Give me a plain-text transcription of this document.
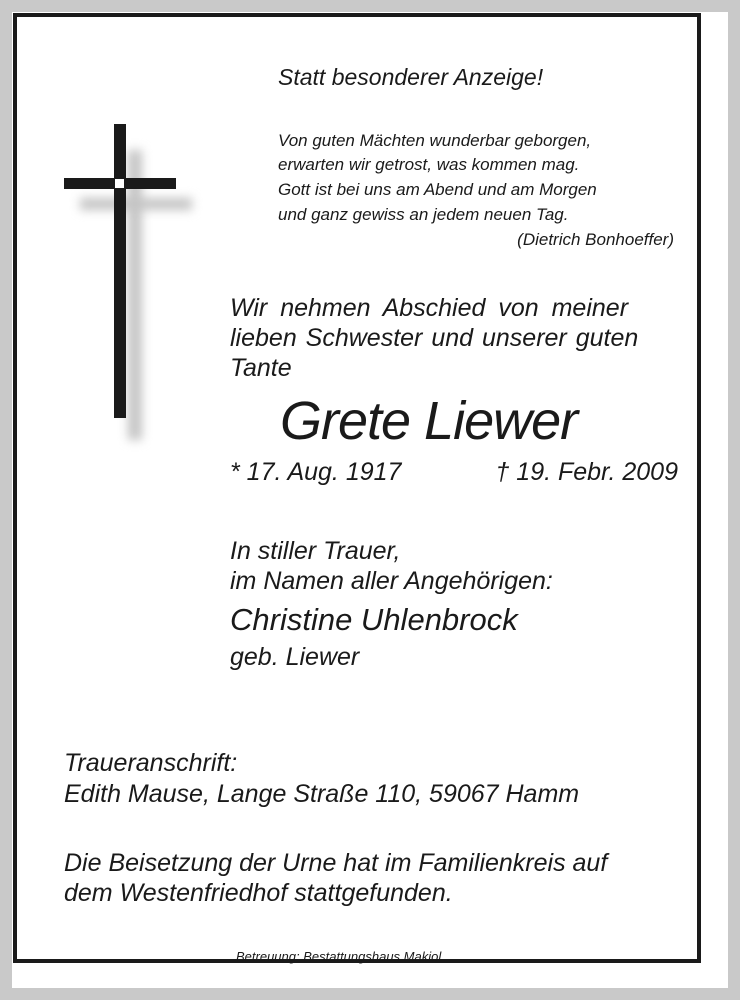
Statt besonderer Anzeige!

Von guten Mächten wunderbar geborgen,

erwarten wir getrost, was kommen mag.

Gott ist bei uns am Abend und am Morgen

und ganz gewiss an jedem neuen Tag.

(Dietrich Bonhoeffer)

Wir nehmen Abschied von meiner

lieben Schwester und unserer guten

Tante

Grete Liewer

* 17. Aug. 1917	† 19. Febr. 2009

In stiller Trauer,

im Namen aller Angehörigen:

Christine Uhlenbrock

geb. Liewer

Traueranschrift:

Edith Mause, Lange Straße 110, 59067 Hamm

Die Beisetzung der Urne hat im Familienkreis auf

dem Westenfriedhof stattgefunden.

Betreuung: Bestattungshaus Makiol
